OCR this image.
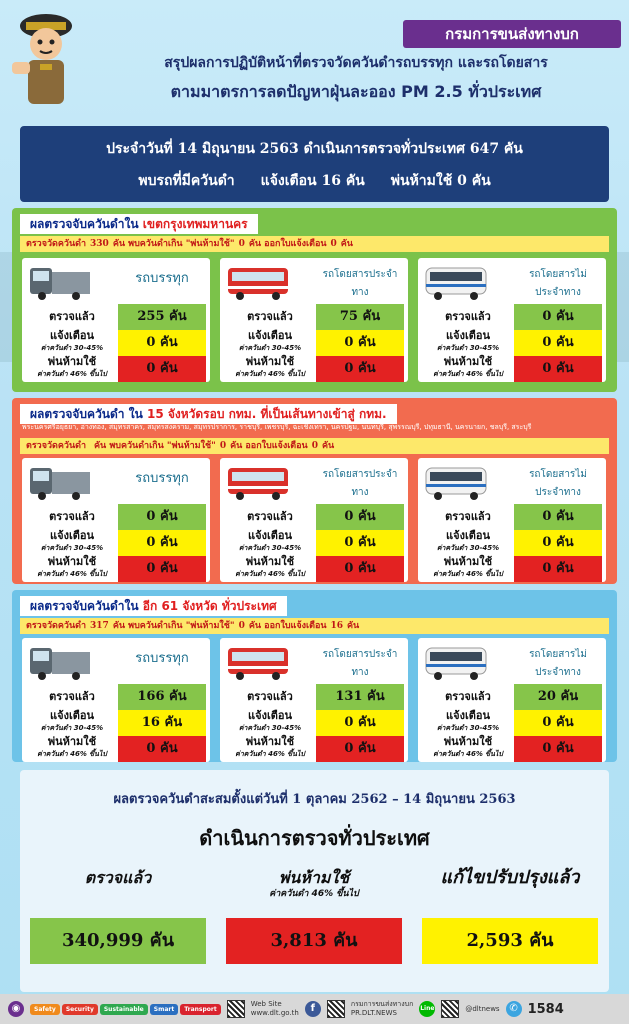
กรมการขนส่งทางบก
สรุปผลการปฏิบัติหน้าที่ตรวจวัดควันดำรถบรรทุก และรถโดยสาร
ตามมาตรการลดปัญหาฝุ่นละออง PM 2.5 ทั่วประเทศ
ประจำวันที่ 14 มิถุนายน 2563 ดำเนินการตรวจทั่วประเทศ 647 คัน
พบรถที่มีควันดำ แจ้งเตือน 16 คัน พ่นห้ามใช้ 0 คัน
ผลตรวจจับควันดำใน เขตกรุงเทพมหานคร
ตรวจวัดควันดำ 330 คัน พบควันดำเกิน "พ่นห้ามใช้" 0 คัน ออกใบแจ้งเตือน 0 คัน
รถบรรทุก
ตรวจแล้ว	255 คัน
แจ้งเตือน
ค่าควันดำ 30-45%	0 คัน
พ่นห้ามใช้
ค่าควันดำ 46% ขึ้นไป	0 คัน
รถโดยสารประจำทาง
ตรวจแล้ว	75 คัน
แจ้งเตือน
ค่าควันดำ 30-45%	0 คัน
พ่นห้ามใช้
ค่าควันดำ 46% ขึ้นไป	0 คัน
รถโดยสารไม่ประจำทาง
ตรวจแล้ว	0 คัน
แจ้งเตือน
ค่าควันดำ 30-45%	0 คัน
พ่นห้ามใช้
ค่าควันดำ 46% ขึ้นไป	0 คัน
ผลตรวจจับควันดำ ใน 15 จังหวัดรอบ กทม. ที่เป็นเส้นทางเข้าสู่ กทม.
พระนครศรีอยุธยา, อ่างทอง, สมุทรสาคร, สมุทรสงคราม, สมุทรปราการ, ราชบุรี, เพชรบุรี, ฉะเชิงเทรา, นครปฐม, นนทบุรี, สุพรรณบุรี, ปทุมธานี, นครนายก, ชลบุรี, สระบุรี
ตรวจวัดควันดำ คัน พบควันดำเกิน "พ่นห้ามใช้" 0 คัน ออกใบแจ้งเตือน 0 คัน
รถบรรทุก
ตรวจแล้ว	0 คัน
แจ้งเตือน
ค่าควันดำ 30-45%	0 คัน
พ่นห้ามใช้
ค่าควันดำ 46% ขึ้นไป	0 คัน
รถโดยสารประจำทาง
ตรวจแล้ว	0 คัน
แจ้งเตือน
ค่าควันดำ 30-45%	0 คัน
พ่นห้ามใช้
ค่าควันดำ 46% ขึ้นไป	0 คัน
รถโดยสารไม่ประจำทาง
ตรวจแล้ว	0 คัน
แจ้งเตือน
ค่าควันดำ 30-45%	0 คัน
พ่นห้ามใช้
ค่าควันดำ 46% ขึ้นไป	0 คัน
ผลตรวจจับควันดำใน อีก 61 จังหวัด ทั่วประเทศ
ตรวจวัดควันดำ 317 คัน พบควันดำเกิน "พ่นห้ามใช้" 0 คัน ออกใบแจ้งเตือน 16 คัน
รถบรรทุก
ตรวจแล้ว	166 คัน
แจ้งเตือน
ค่าควันดำ 30-45%	16 คัน
พ่นห้ามใช้
ค่าควันดำ 46% ขึ้นไป	0 คัน
รถโดยสารประจำทาง
ตรวจแล้ว	131 คัน
แจ้งเตือน
ค่าควันดำ 30-45%	0 คัน
พ่นห้ามใช้
ค่าควันดำ 46% ขึ้นไป	0 คัน
รถโดยสารไม่ประจำทาง
ตรวจแล้ว	20 คัน
แจ้งเตือน
ค่าควันดำ 30-45%	0 คัน
พ่นห้ามใช้
ค่าควันดำ 46% ขึ้นไป	0 คัน
ผลตรวจควันดำสะสมตั้งแต่วันที่ 1 ตุลาคม 2562 – 14 มิถุนายน 2563
ดำเนินการตรวจทั่วประเทศ
ตรวจแล้ว
340,999 คัน
พ่นห้ามใช้
ค่าควันดำ 46% ขึ้นไป
3,813 คัน
แก้ไขปรับปรุงแล้ว
2,593 คัน
◉	Safety	Security	Sustainable	Smart	Transport
Web Site
www.dlt.go.th	f	กรมการขนส่งทางบก
PR.DLT.NEWS
Line	@dltnews ✆ 1584
